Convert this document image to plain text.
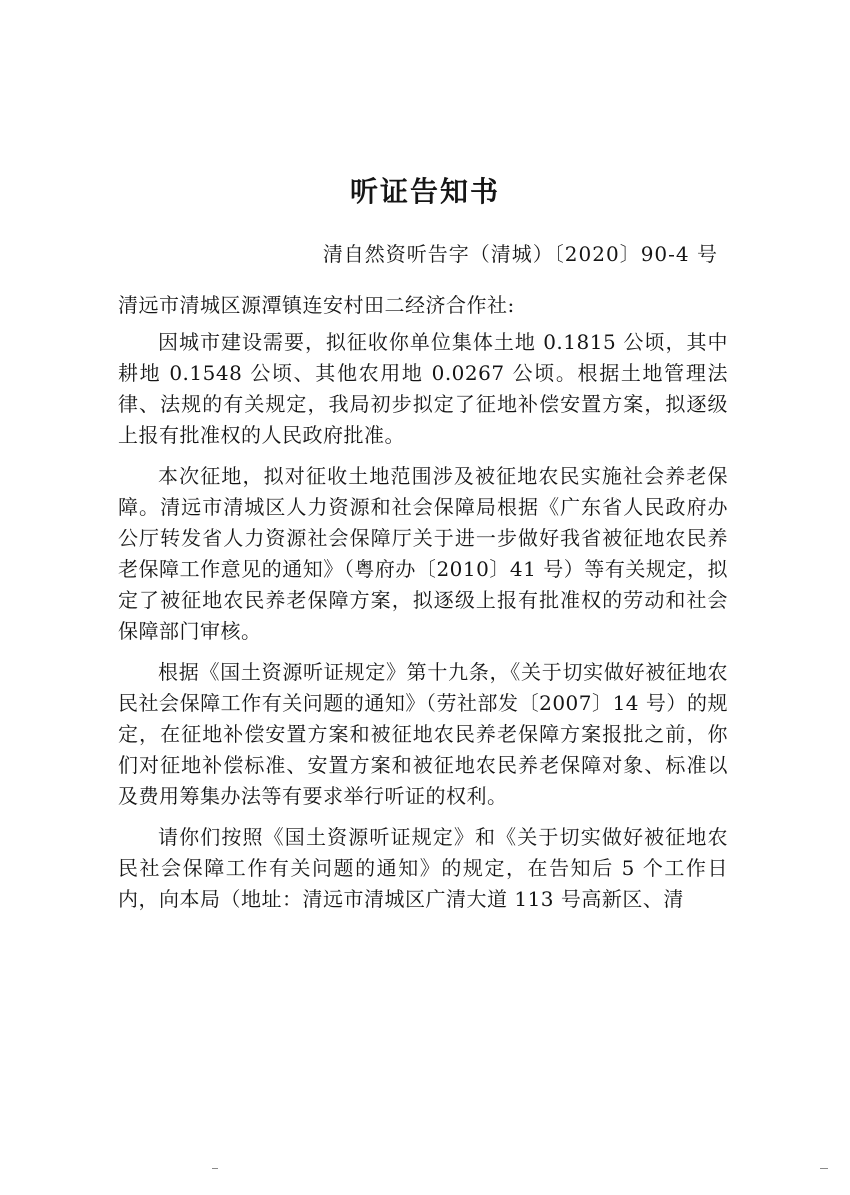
听证告知书
清自然资听告字（清城）〔2020〕90-4 号

清远市清城区源潭镇连安村田二经济合作社:

因城市建设需要，拟征收你单位集体土地 0.1815 公顷，其中耕地 0.1548 公顷、其他农用地 0.0267 公顷。根据土地管理法律、法规的有关规定，我局初步拟定了征地补偿安置方案，拟逐级上报有批准权的人民政府批准。

本次征地，拟对征收土地范围涉及被征地农民实施社会养老保障。清远市清城区人力资源和社会保障局根据《广东省人民政府办公厅转发省人力资源社会保障厅关于进一步做好我省被征地农民养老保障工作意见的通知》（粤府办〔2010〕41 号）等有关规定，拟定了被征地农民养老保障方案，拟逐级上报有批准权的劳动和社会保障部门审核。

根据《国土资源听证规定》第十九条，《关于切实做好被征地农民社会保障工作有关问题的通知》（劳社部发〔2007〕14 号）的规定，在征地补偿安置方案和被征地农民养老保障方案报批之前，你们对征地补偿标准、安置方案和被征地农民养老保障对象、标准以及费用筹集办法等有要求举行听证的权利。

请你们按照《国土资源听证规定》和《关于切实做好被征地农民社会保障工作有关问题的通知》的规定，在告知后 5 个工作日内，向本局（地址：清远市清城区广清大道 113 号高新区、清
